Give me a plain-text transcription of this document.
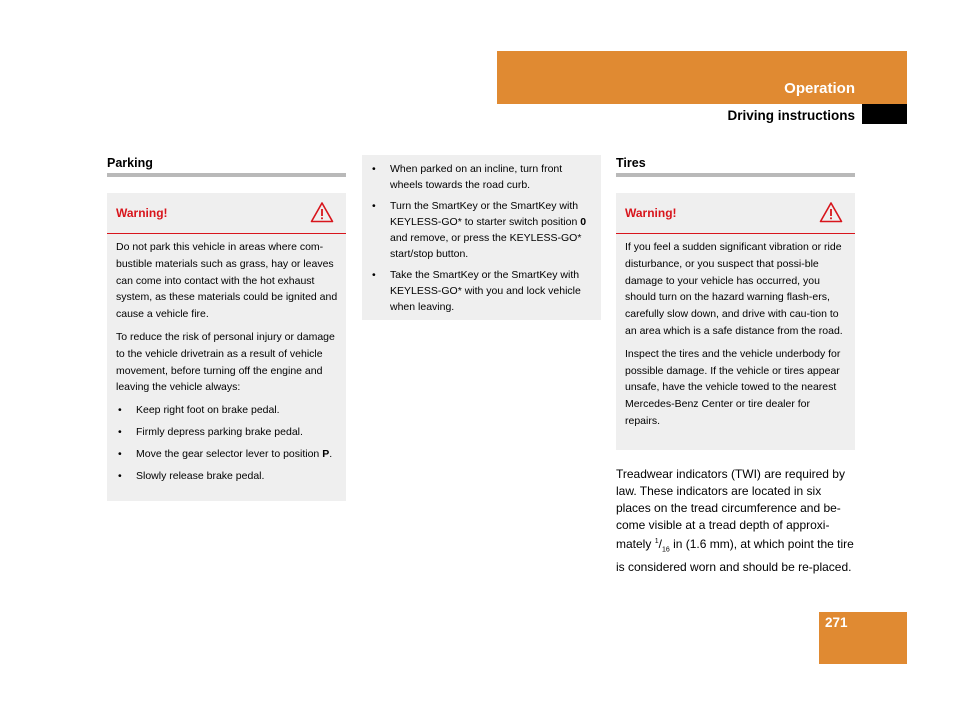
Operation
Driving instructions
Parking
Warning!

Do not park this vehicle in areas where com-bustible materials such as grass, hay or leaves can come into contact with the hot exhaust system, as these materials could be ignited and cause a vehicle fire.

To reduce the risk of personal injury or damage to the vehicle drivetrain as a result of vehicle movement, before turning off the engine and leaving the vehicle always:

• Keep right foot on brake pedal.
• Firmly depress parking brake pedal.
• Move the gear selector lever to position P.
• Slowly release brake pedal.
• When parked on an incline, turn front wheels towards the road curb.
• Turn the SmartKey or the SmartKey with KEYLESS-GO* to starter switch position 0 and remove, or press the KEYLESS-GO* start/stop button.
• Take the SmartKey or the SmartKey with KEYLESS-GO* with you and lock vehicle when leaving.
Tires
Warning!

If you feel a sudden significant vibration or ride disturbance, or you suspect that possi-ble damage to your vehicle has occurred, you should turn on the hazard warning flash-ers, carefully slow down, and drive with cau-tion to an area which is a safe distance from the road.

Inspect the tires and the vehicle underbody for possible damage. If the vehicle or tires appear unsafe, have the vehicle towed to the nearest Mercedes-Benz Center or tire dealer for repairs.

Treadwear indicators (TWI) are required by law. These indicators are located in six places on the tread circumference and be-come visible at a tread depth of approxi-mately $^1/_{16}$ in (1.6 mm), at which point the tire is considered worn and should be re-placed.
271
